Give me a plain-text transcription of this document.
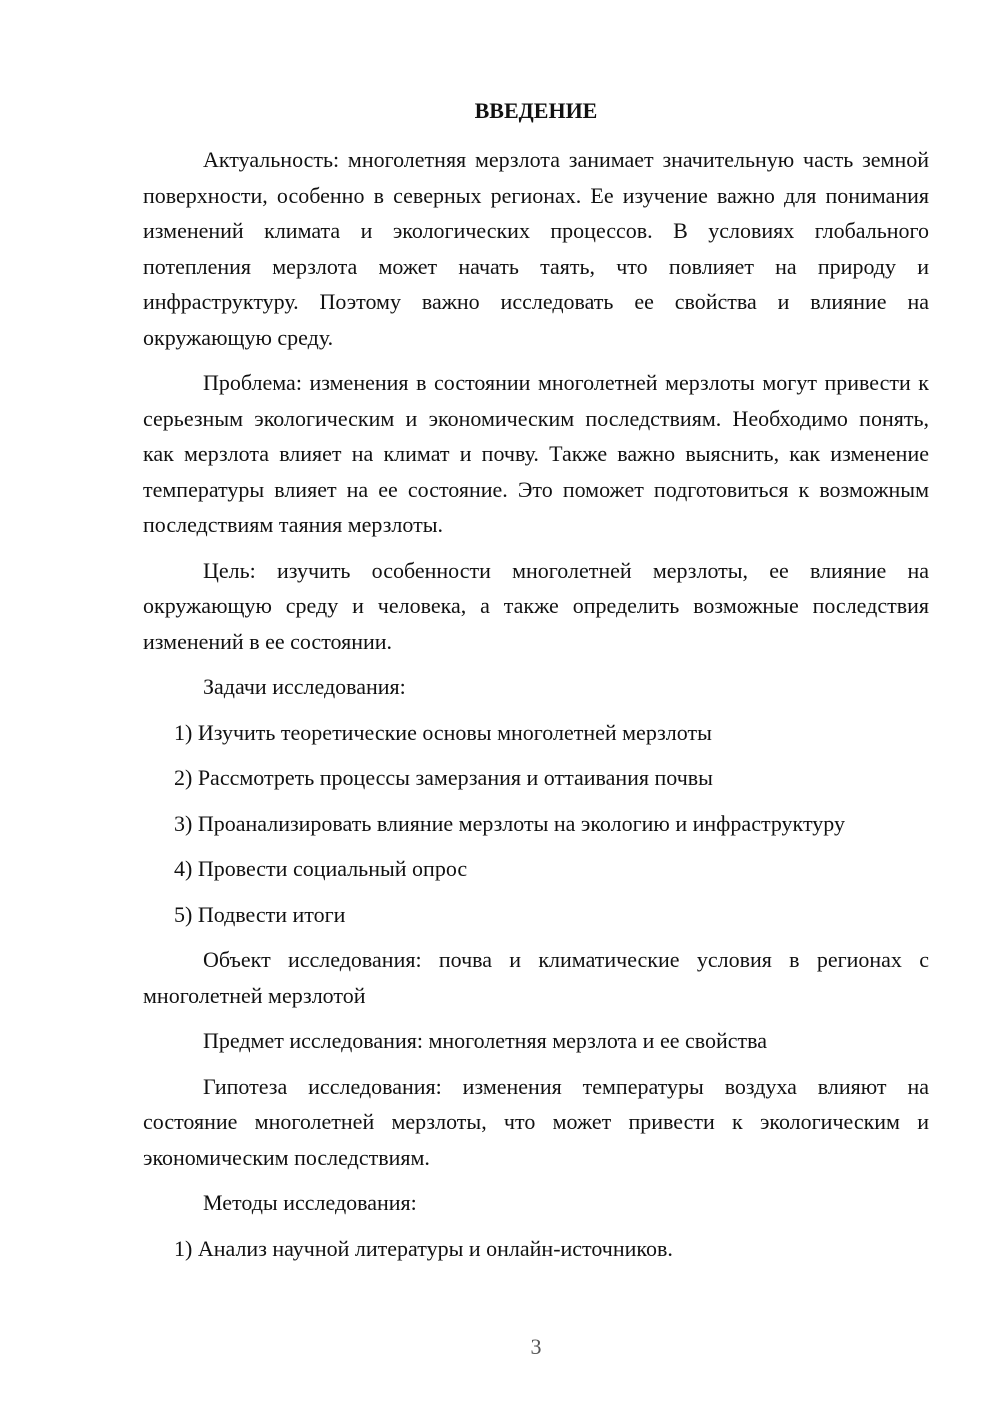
ВВЕДЕНИЕ

Актуальность: многолетняя мерзлота занимает значительную часть земной поверхности, особенно в северных регионах. Ее изучение важно для понимания изменений климата и экологических процессов. В условиях глобального потепления мерзлота может начать таять, что повлияет на природу и инфраструктуру. Поэтому важно исследовать ее свойства и влияние на окружающую среду.

Проблема: изменения в состоянии многолетней мерзлоты могут привести к серьезным экологическим и экономическим последствиям. Необходимо понять, как мерзлота влияет на климат и почву. Также важно выяснить, как изменение температуры влияет на ее состояние. Это поможет подготовиться к возможным последствиям таяния мерзлоты.

Цель: изучить особенности многолетней мерзлоты, ее влияние на окружающую среду и человека, а также определить возможные последствия изменений в ее состоянии.

Задачи исследования:

1) Изучить теоретические основы многолетней мерзлоты

2) Рассмотреть процессы замерзания и оттаивания почвы

3) Проанализировать влияние мерзлоты на экологию и инфраструктуру

4) Провести социальный опрос

5) Подвести итоги

Объект исследования: почва и климатические условия в регионах с многолетней мерзлотой

Предмет исследования: многолетняя мерзлота и ее свойства

Гипотеза исследования: изменения температуры воздуха влияют на состояние многолетней мерзлоты, что может привести к экологическим и экономическим последствиям.

Методы исследования:

1) Анализ научной литературы и онлайн-источников.

3
